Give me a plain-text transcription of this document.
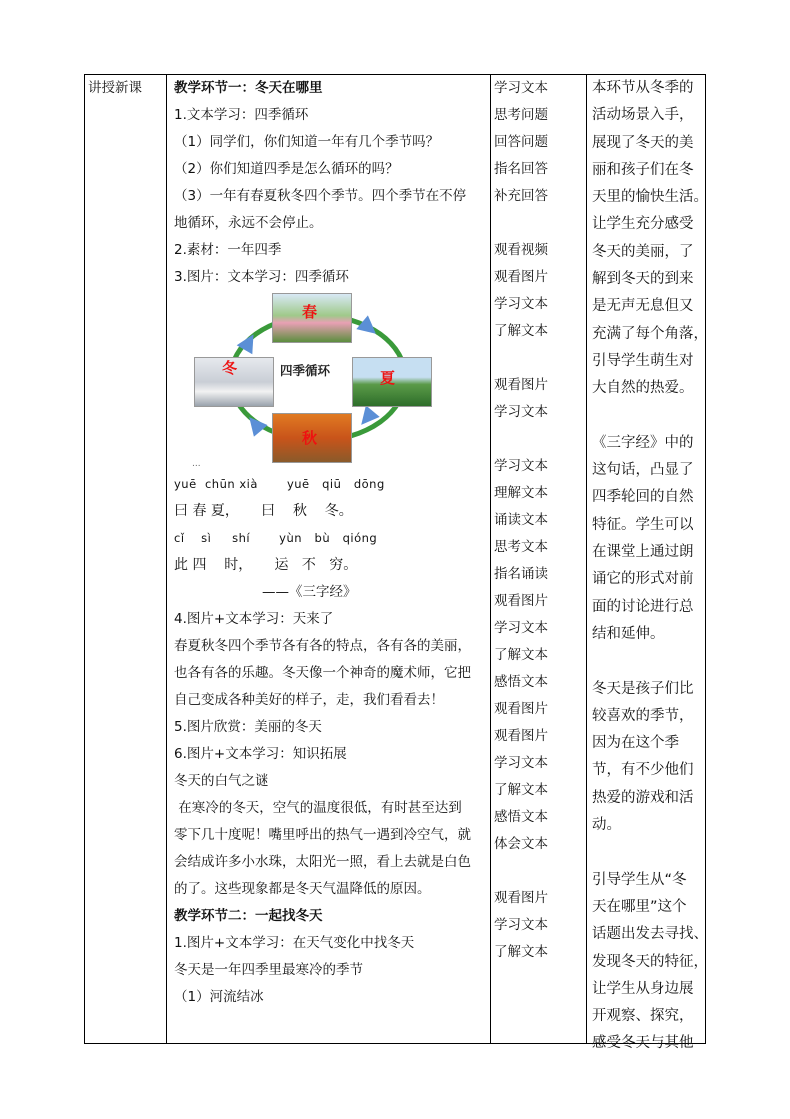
讲授新课	教学环节一：冬天在哪里
1.文本学习：四季循环
（1）同学们，你们知道一年有几个季节吗？
（2）你们知道四季是怎么循环的吗？
（3）一年有春夏秋冬四个季节。四个季节在不停
地循环，永远不会停止。
2.素材：一年四季
3.图片：文本学习：四季循环
春
夏
秋
冬	四季循环
...
yuē  chūn xià       yuē   qiū   dōng
曰 春 夏，     曰    秋    冬。
cǐ    sì     shí       yùn   bù   qióng
此 四    时，     运   不   穷。
——《三字经》
4.图片+文本学习：天来了
春夏秋冬四个季节各有各的特点，各有各的美丽，
也各有各的乐趣。冬天像一个神奇的魔术师，它把
自己变成各种美好的样子，走，我们看看去！
5.图片欣赏：美丽的冬天
6.图片+文本学习：知识拓展
冬天的白气之谜
在寒冷的冬天，空气的温度很低，有时甚至达到
零下几十度呢！嘴里呼出的热气一遇到冷空气，就
会结成许多小水珠，太阳光一照，看上去就是白色
的了。这些现象都是冬天气温降低的原因。
教学环节二：一起找冬天
1.图片+文本学习：在天气变化中找冬天
冬天是一年四季里最寒冷的季节
（1）河流结冰
学习文本
思考问题
回答问题
指名回答
补充回答
观看视频
观看图片
学习文本
了解文本
观看图片
学习文本
学习文本
理解文本
诵读文本
思考文本
指名诵读
观看图片
学习文本
了解文本
感悟文本
观看图片
观看图片
学习文本
了解文本
感悟文本
体会文本
观看图片
学习文本
了解文本
本环节从冬季的
活动场景入手，
展现了冬天的美
丽和孩子们在冬
天里的愉快生活。
让学生充分感受
冬天的美丽，了
解到冬天的到来
是无声无息但又
充满了每个角落，
引导学生萌生对
大自然的热爱。
《三字经》中的
这句话，凸显了
四季轮回的自然
特征。学生可以
在课堂上通过朗
诵它的形式对前
面的讨论进行总
结和延伸。
冬天是孩子们比
较喜欢的季节，
因为在这个季
节，有不少他们
热爱的游戏和活
动。
引导学生从“冬
天在哪里”这个
话题出发去寻找、
发现冬天的特征，
让学生从身边展
开观察、探究，
感受冬天与其他
